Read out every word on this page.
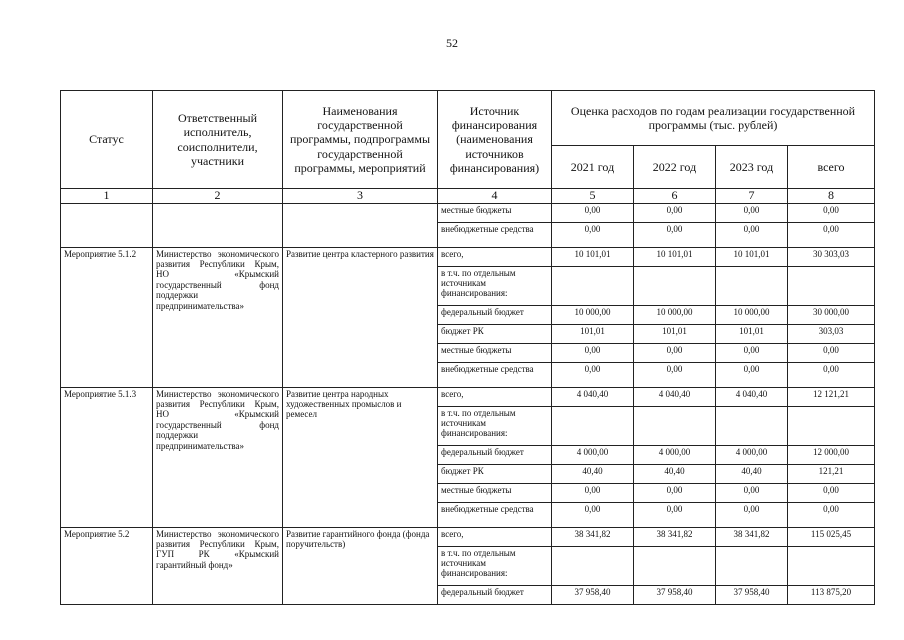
52
Статус	Ответственный исполнитель, соисполнители, участники	Наименования государственной программы, подпрограммы государственной программы, мероприятий	Источник финансирования (наименования источников финансирования)	Оценка расходов по годам реализации государственной программы (тыс. рублей)			
				2021 год	2022 год	2023 год	всего
1	2	3	4	5	6	7	8
			местные бюджеты	0,00	0,00	0,00	0,00
			внебюджетные средства	0,00	0,00	0,00	0,00
Мероприятие 5.1.2	Министерство экономического развития Республики Крым, НО «Крымский государственный фонд поддержки предпринимательства»	Развитие центра кластерного развития	всего,	10 101,01	10 101,01	10 101,01	30 303,03
			в т.ч. по отдельным источникам финансирования:				
			федеральный бюджет	10 000,00	10 000,00	10 000,00	30 000,00
			бюджет РК	101,01	101,01	101,01	303,03
			местные бюджеты	0,00	0,00	0,00	0,00
			внебюджетные средства	0,00	0,00	0,00	0,00
Мероприятие 5.1.3	Министерство экономического развития Республики Крым, НО «Крымский государственный фонд поддержки предпринимательства»	Развитие центра народных художественных промыслов и ремесел	всего,	4 040,40	4 040,40	4 040,40	12 121,21
			в т.ч. по отдельным источникам финансирования:				
			федеральный бюджет	4 000,00	4 000,00	4 000,00	12 000,00
			бюджет РК	40,40	40,40	40,40	121,21
			местные бюджеты	0,00	0,00	0,00	0,00
			внебюджетные средства	0,00	0,00	0,00	0,00
Мероприятие 5.2	Министерство экономического развития Республики Крым, ГУП РК «Крымский гарантийный фонд»	Развитие гарантийного фонда (фонда поручительств)	всего,	38 341,82	38 341,82	38 341,82	115 025,45
			в т.ч. по отдельным источникам финансирования:				
			федеральный бюджет	37 958,40	37 958,40	37 958,40	113 875,20
